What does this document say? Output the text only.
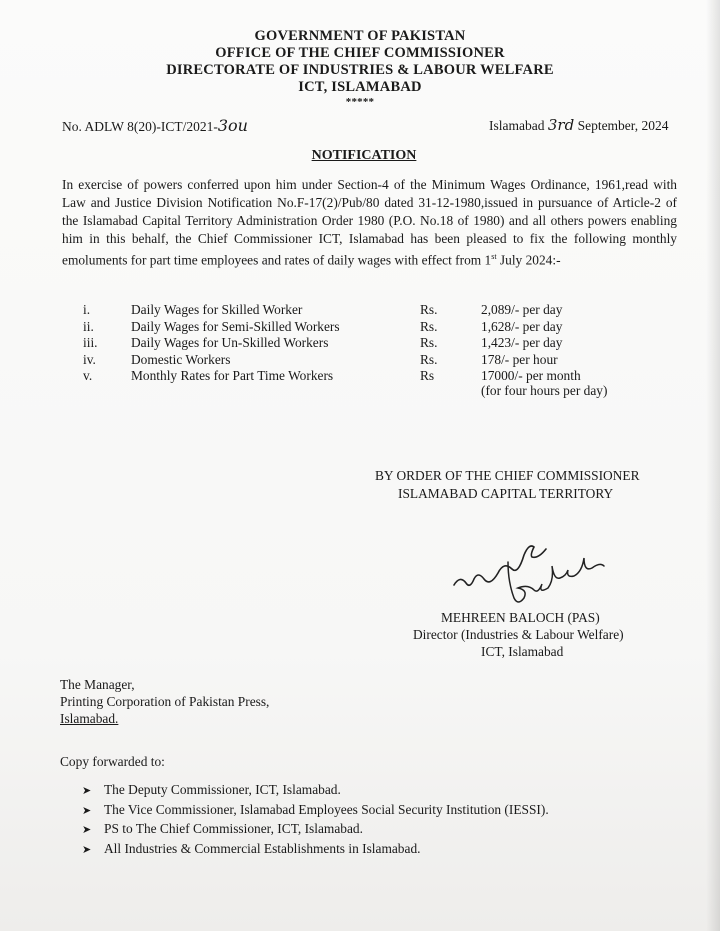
GOVERNMENT OF PAKISTAN
OFFICE OF THE CHIEF COMMISSIONER
DIRECTORATE OF INDUSTRIES & LABOUR WELFARE
ICT, ISLAMABAD
*****
No. ADLW 8(20)-ICT/2021-3ou	Islamabad 3rd September, 2024
NOTIFICATION
In exercise of powers conferred upon him under Section-4 of the Minimum Wages Ordinance, 1961,read with Law and Justice Division Notification No.F-17(2)/Pub/80 dated 31-12-1980,issued in pursuance of Article-2 of the Islamabad Capital Territory Administration Order 1980 (P.O. No.18 of 1980) and all others powers enabling him in this behalf, the Chief Commissioner ICT, Islamabad has been pleased to fix the following monthly emoluments for part time employees and rates of daily wages with effect from 1st July 2024:-
i.	Daily Wages for Skilled Worker	Rs.	2,089/- per day
ii.	Daily Wages for Semi-Skilled Workers	Rs.	1,628/- per day
iii. Daily Wages for Un-Skilled Workers	Rs.	1,423/- per day
iv.	Domestic Workers	Rs.	178/- per hour
v.	Monthly Rates for Part Time Workers	Rs	17000/- per month
(for four hours per day)
BY ORDER OF THE CHIEF COMMISSIONER
ISLAMABAD CAPITAL TERRITORY
MEHREEN BALOCH (PAS)
Director (Industries & Labour Welfare)
ICT, Islamabad
The Manager,
Printing Corporation of Pakistan Press,
Islamabad.
Copy forwarded to:
➤ The Deputy Commissioner, ICT, Islamabad.
➤ The Vice Commissioner, Islamabad Employees Social Security Institution (IESSI).
➤ PS to The Chief Commissioner, ICT, Islamabad.
➤ All Industries & Commercial Establishments in Islamabad.
